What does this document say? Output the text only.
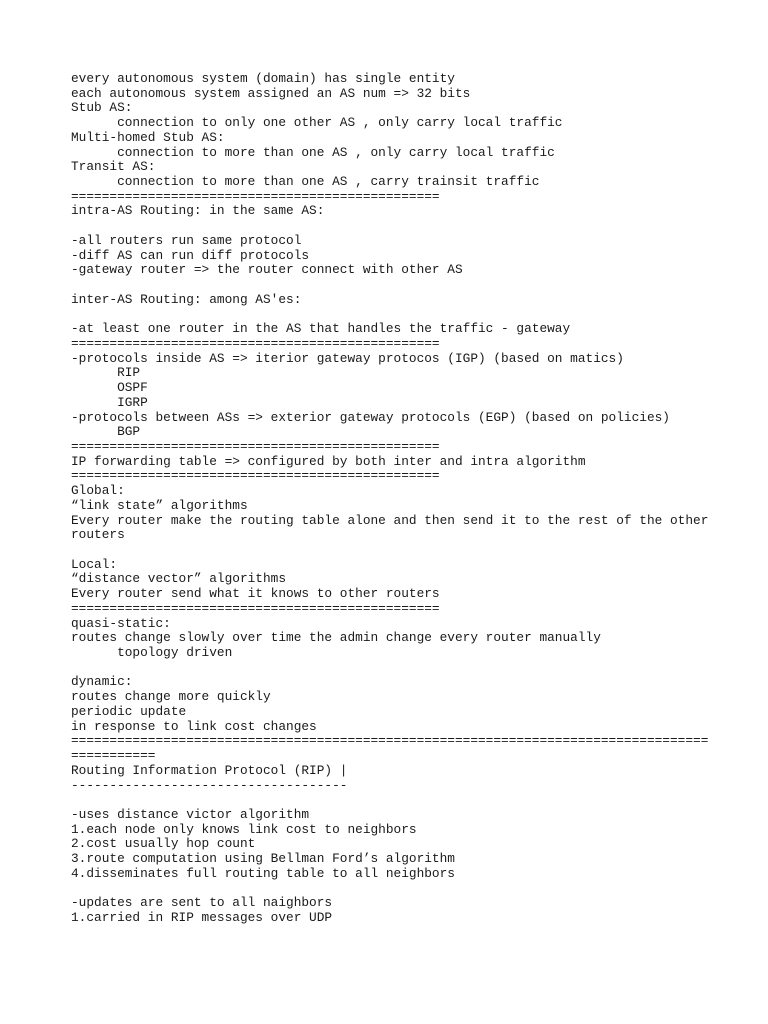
every autonomous system (domain) has single entity
each autonomous system assigned an AS num => 32 bits
Stub AS:
connection to only one other AS , only carry local traffic
Multi-homed Stub AS:
connection to more than one AS , only carry local traffic
Transit AS:
connection to more than one AS , carry trainsit traffic
================================================
intra-AS Routing: in the same AS:
-all routers run same protocol
-diff AS can run diff protocols
-gateway router => the router connect with other AS
inter-AS Routing: among AS'es:
-at least one router in the AS that handles the traffic - gateway
================================================
-protocols inside AS => iterior gateway protocos (IGP) (based on matics)
RIP
OSPF
IGRP
-protocols between ASs => exterior gateway protocols (EGP) (based on policies)
BGP
================================================
IP forwarding table => configured by both inter and intra algorithm
================================================
Global:
“link state” algorithms
Every router make the routing table alone and then send it to the rest of the other
routers
Local:
“distance vector” algorithms
Every router send what it knows to other routers
================================================
quasi-static:
routes change slowly over time the admin change every router manually
topology driven
dynamic:
routes change more quickly
periodic update
in response to link cost changes
===================================================================================
===========
Routing Information Protocol (RIP) |
------------------------------------
-uses distance victor algorithm
1.each node only knows link cost to neighbors
2.cost usually hop count
3.route computation using Bellman Ford’s algorithm
4.disseminates full routing table to all neighbors
-updates are sent to all naighbors
1.carried in RIP messages over UDP
